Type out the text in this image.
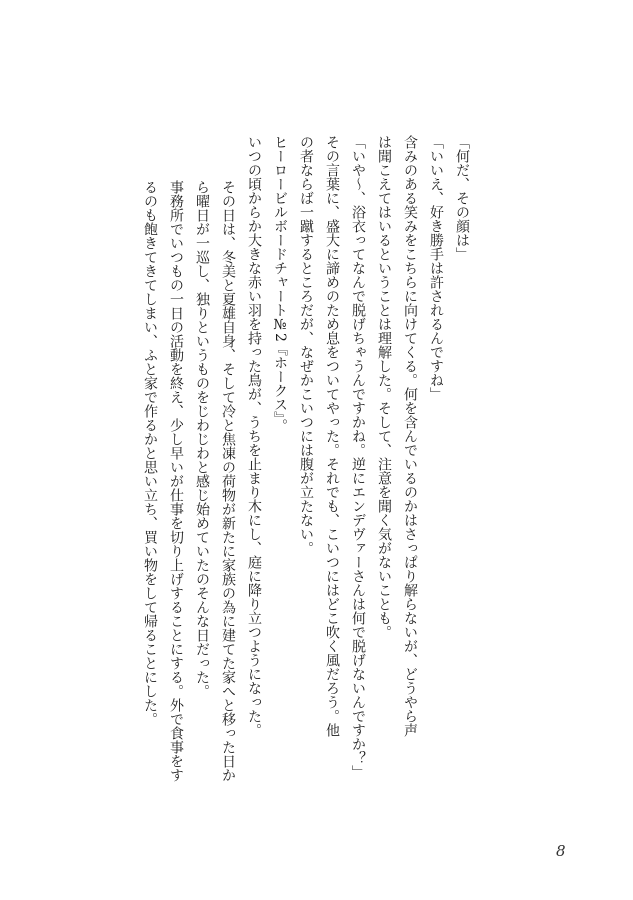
「何だ、その顔は」
「いいえ、好き勝手は許されるんですね」
含みのある笑みをこちらに向けてくる。何を含んでいるのかはさっぱり解らないが、どうやら声
は聞こえてはいるということは理解した。そして、注意を聞く気がないことも。
「いや～、浴衣ってなんで脱げちゃうんですかね。逆にエンデヴァーさんは何で脱げないんですか？」
その言葉に、盛大に諦めのため息をついてやった。それでも、こいつにはどこ吹く風だろう。他
の者ならば一蹴するところだが、なぜかこいつには腹が立たない。
ヒーロービルボードチャート№2『ホークス』。
いつの頃からか大きな赤い羽を持った鳥が、うちを止まり木にし、庭に降り立つようになった。
その日は、冬美と夏雄自身、そして冷と焦凍の荷物が新たに家族の為に建てた家へと移った日か
ら曜日が一巡し、独りというものをじわじわと感じ始めていたのそんな日だった。
事務所でいつもの一日の活動を終え、少し早いが仕事を切り上げすることにする。外で食事をす
るのも飽きてきてしまい、ふと家で作るかと思い立ち、買い物をして帰ることにした。
8
